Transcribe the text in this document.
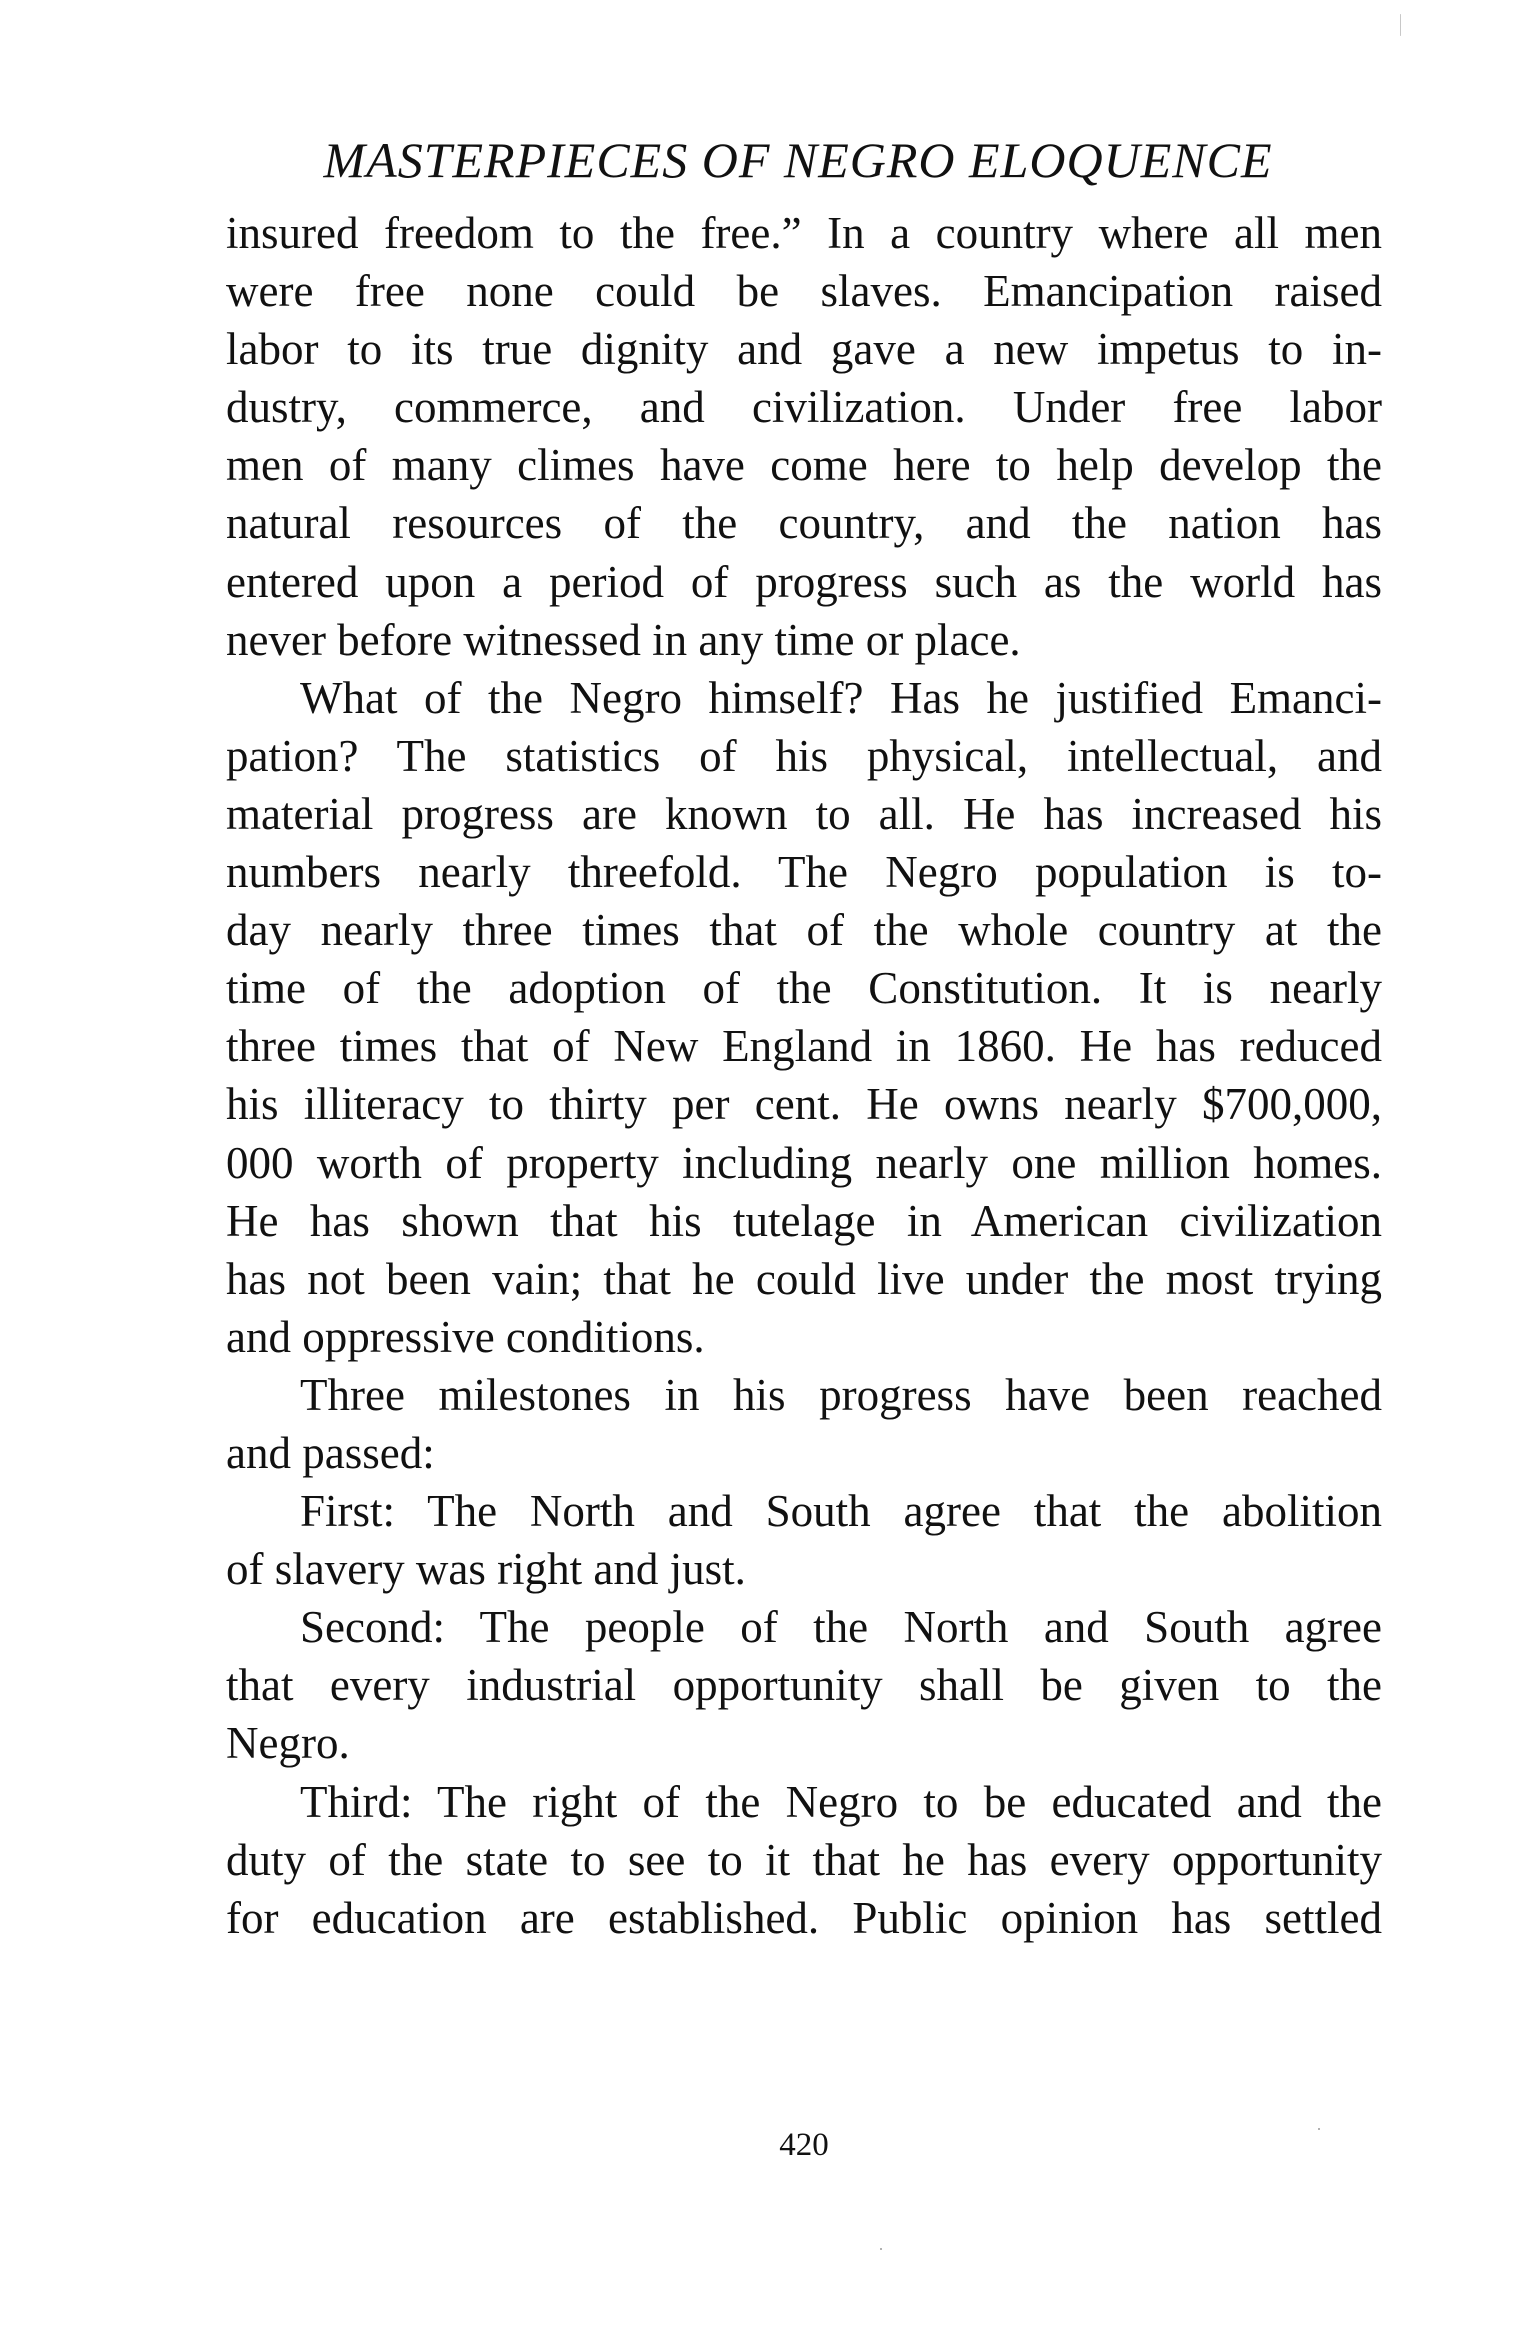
MASTERPIECES OF NEGRO ELOQUENCE
insured freedom to the free.” In a country where all men
were free none could be slaves. Emancipation raised
labor to its true dignity and gave a new impetus to in-
dustry, commerce, and civilization. Under free labor
men of many climes have come here to help develop the
natural resources of the country, and the nation has
entered upon a period of progress such as the world has
never before witnessed in any time or place.
What of the Negro himself? Has he justified Emanci-
pation? The statistics of his physical, intellectual, and
material progress are known to all. He has increased his
numbers nearly threefold. The Negro population is to-
day nearly three times that of the whole country at the
time of the adoption of the Constitution. It is nearly
three times that of New England in 1860. He has reduced
his illiteracy to thirty per cent. He owns nearly $700,000,
000 worth of property including nearly one million homes.
He has shown that his tutelage in American civilization
has not been vain; that he could live under the most trying
and oppressive conditions.
Three milestones in his progress have been reached
and passed:
First: The North and South agree that the abolition
of slavery was right and just.
Second: The people of the North and South agree
that every industrial opportunity shall be given to the
Negro.
Third: The right of the Negro to be educated and the
duty of the state to see to it that he has every opportunity
for education are established. Public opinion has settled
420
